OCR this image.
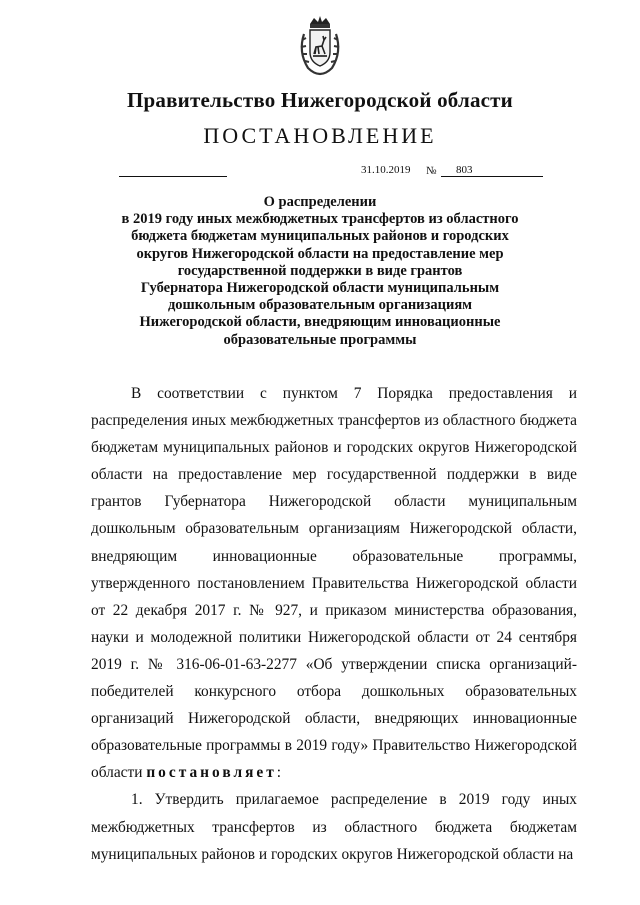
Правительство Нижегородской области
ПОСТАНОВЛЕНИЕ
31.10.2019 № 803
О распределении
в 2019 году иных межбюджетных трансфертов из областного
бюджета бюджетам муниципальных районов и городских
округов Нижегородской области на предоставление мер
государственной поддержки в виде грантов
Губернатора Нижегородской области муниципальным
дошкольным образовательным организациям
Нижегородской области, внедряющим инновационные
образовательные программы

В соответствии с пунктом 7 Порядка предоставления и распределения иных межбюджетных трансфертов из областного бюджета бюджетам муниципальных районов и городских округов Нижегородской области на предоставление мер государственной поддержки в виде грантов Губернатора Нижегородской области муниципальным дошкольным образовательным организациям Нижегородской области, внедряющим инновационные образовательные программы, утвержденного постановлением Правительства Нижегородской области от 22 декабря 2017 г. № 927, и приказом министерства образования, науки и молодежной политики Нижегородской области от 24 сентября 2019 г. № 316-06-01-63-2277 «Об утверждении списка организаций-победителей конкурсного отбора дошкольных образовательных организаций Нижегородской области, внедряющих инновационные образовательные программы в 2019 году» Правительство Нижегородской области постановляет:

1. Утвердить прилагаемое распределение в 2019 году иных межбюджетных трансфертов из областного бюджета бюджетам муниципальных районов и городских округов Нижегородской области на
